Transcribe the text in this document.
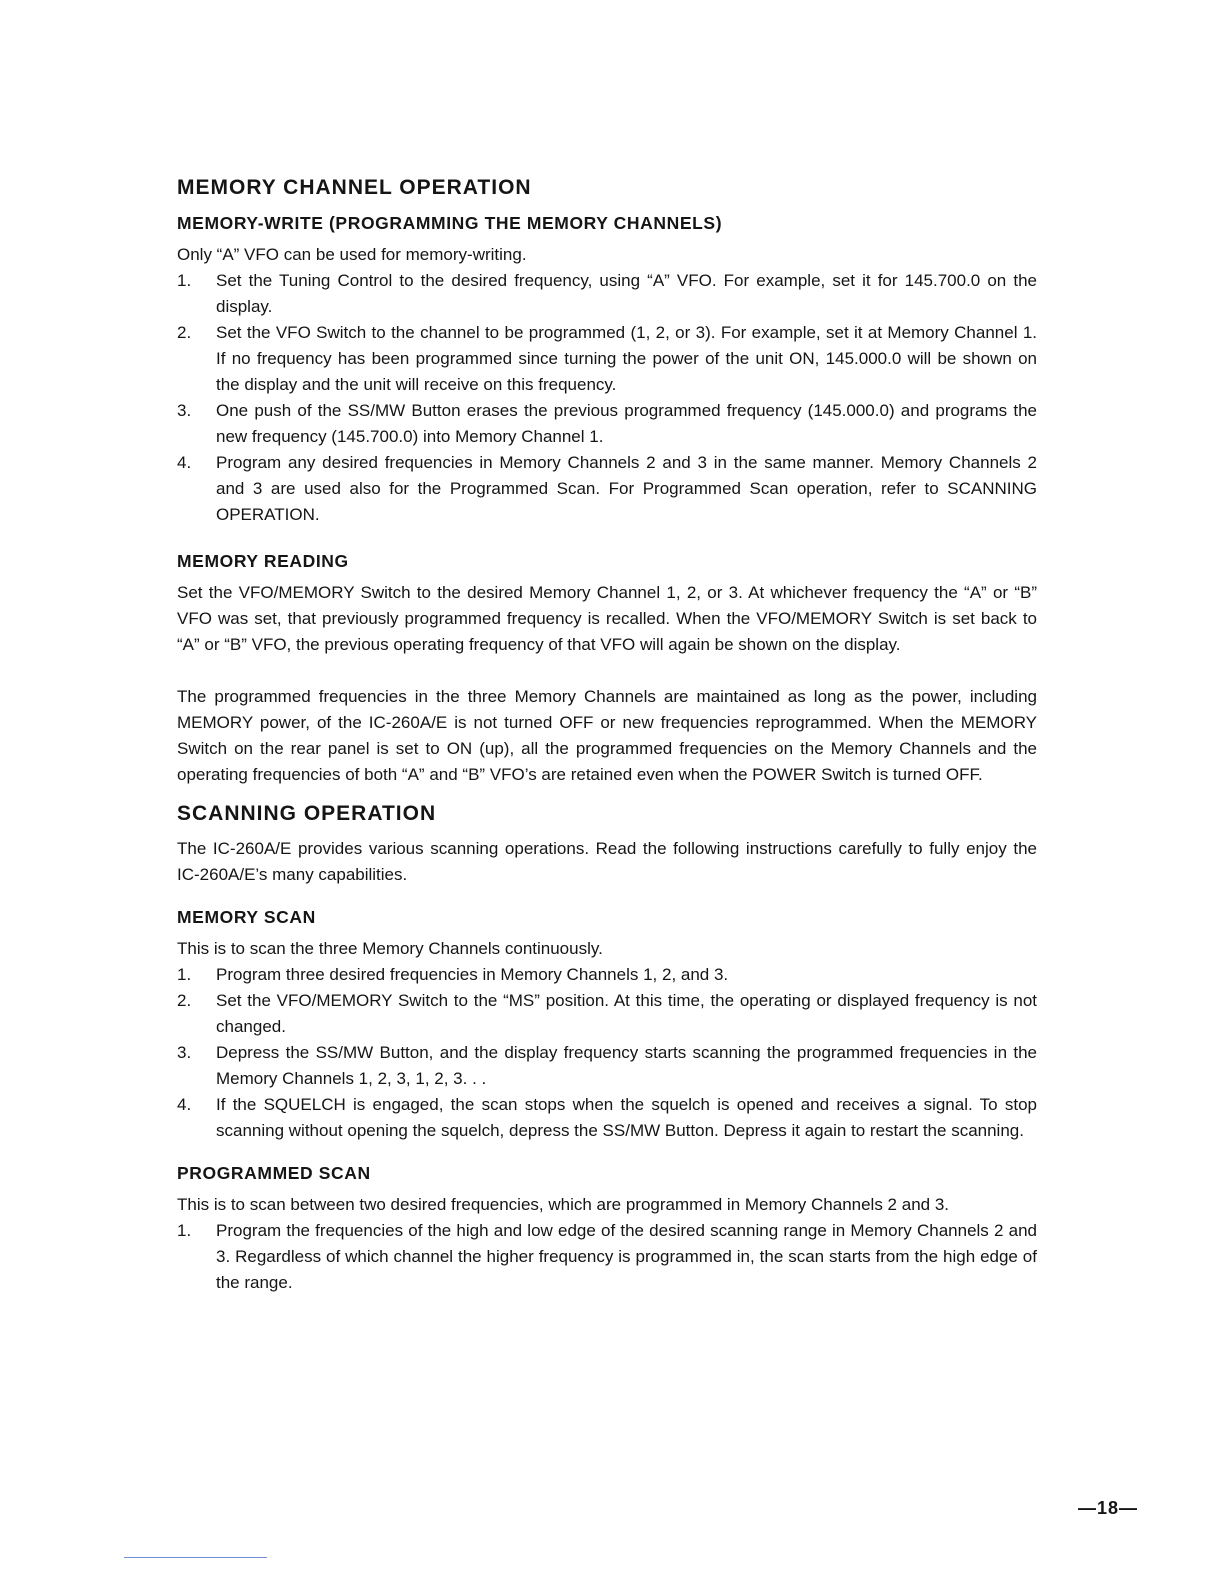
MEMORY CHANNEL OPERATION
MEMORY-WRITE (PROGRAMMING THE MEMORY CHANNELS)

Only “A” VFO can be used for memory-writing.

1. Set the Tuning Control to the desired frequency, using “A” VFO. For example, set it for 145.700.0 on the display.
2. Set the VFO Switch to the channel to be programmed (1, 2, or 3). For example, set it at Memory Channel 1. If no frequency has been programmed since turning the power of the unit ON, 145.000.0 will be shown on the display and the unit will receive on this frequency.
3. One push of the SS/MW Button erases the previous programmed frequency (145.000.0) and programs the new frequency (145.700.0) into Memory Channel 1.
4. Program any desired frequencies in Memory Channels 2 and 3 in the same manner. Memory Channels 2 and 3 are used also for the Programmed Scan. For Programmed Scan operation, refer to SCANNING OPERATION.
MEMORY READING

Set the VFO/MEMORY Switch to the desired Memory Channel 1, 2, or 3. At whichever frequency the “A” or “B” VFO was set, that previously programmed frequency is recalled. When the VFO/MEMORY Switch is set back to “A” or “B” VFO, the previous operating frequency of that VFO will again be shown on the display.

The programmed frequencies in the three Memory Channels are maintained as long as the power, including MEMORY power, of the IC-260A/E is not turned OFF or new frequencies reprogrammed. When the MEMORY Switch on the rear panel is set to ON (up), all the programmed frequencies on the Memory Channels and the operating frequencies of both “A” and “B” VFO’s are retained even when the POWER Switch is turned OFF.

SCANNING OPERATION

The IC-260A/E provides various scanning operations. Read the following instructions carefully to fully enjoy the IC-260A/E’s many capabilities.

MEMORY SCAN

This is to scan the three Memory Channels continuously.

1. Program three desired frequencies in Memory Channels 1, 2, and 3.
2. Set the VFO/MEMORY Switch to the “MS” position. At this time, the operating or displayed frequency is not changed.
3. Depress the SS/MW Button, and the display frequency starts scanning the programmed frequencies in the Memory Channels 1, 2, 3, 1, 2, 3. . .
4. If the SQUELCH is engaged, the scan stops when the squelch is opened and receives a signal. To stop scanning without opening the squelch, depress the SS/MW Button. Depress it again to restart the scanning.
PROGRAMMED SCAN

This is to scan between two desired frequencies, which are programmed in Memory Channels 2 and 3.

1. Program the frequencies of the high and low edge of the desired scanning range in Memory Channels 2 and 3. Regardless of which channel the higher frequency is programmed in, the scan starts from the high edge of the range.
—18—
